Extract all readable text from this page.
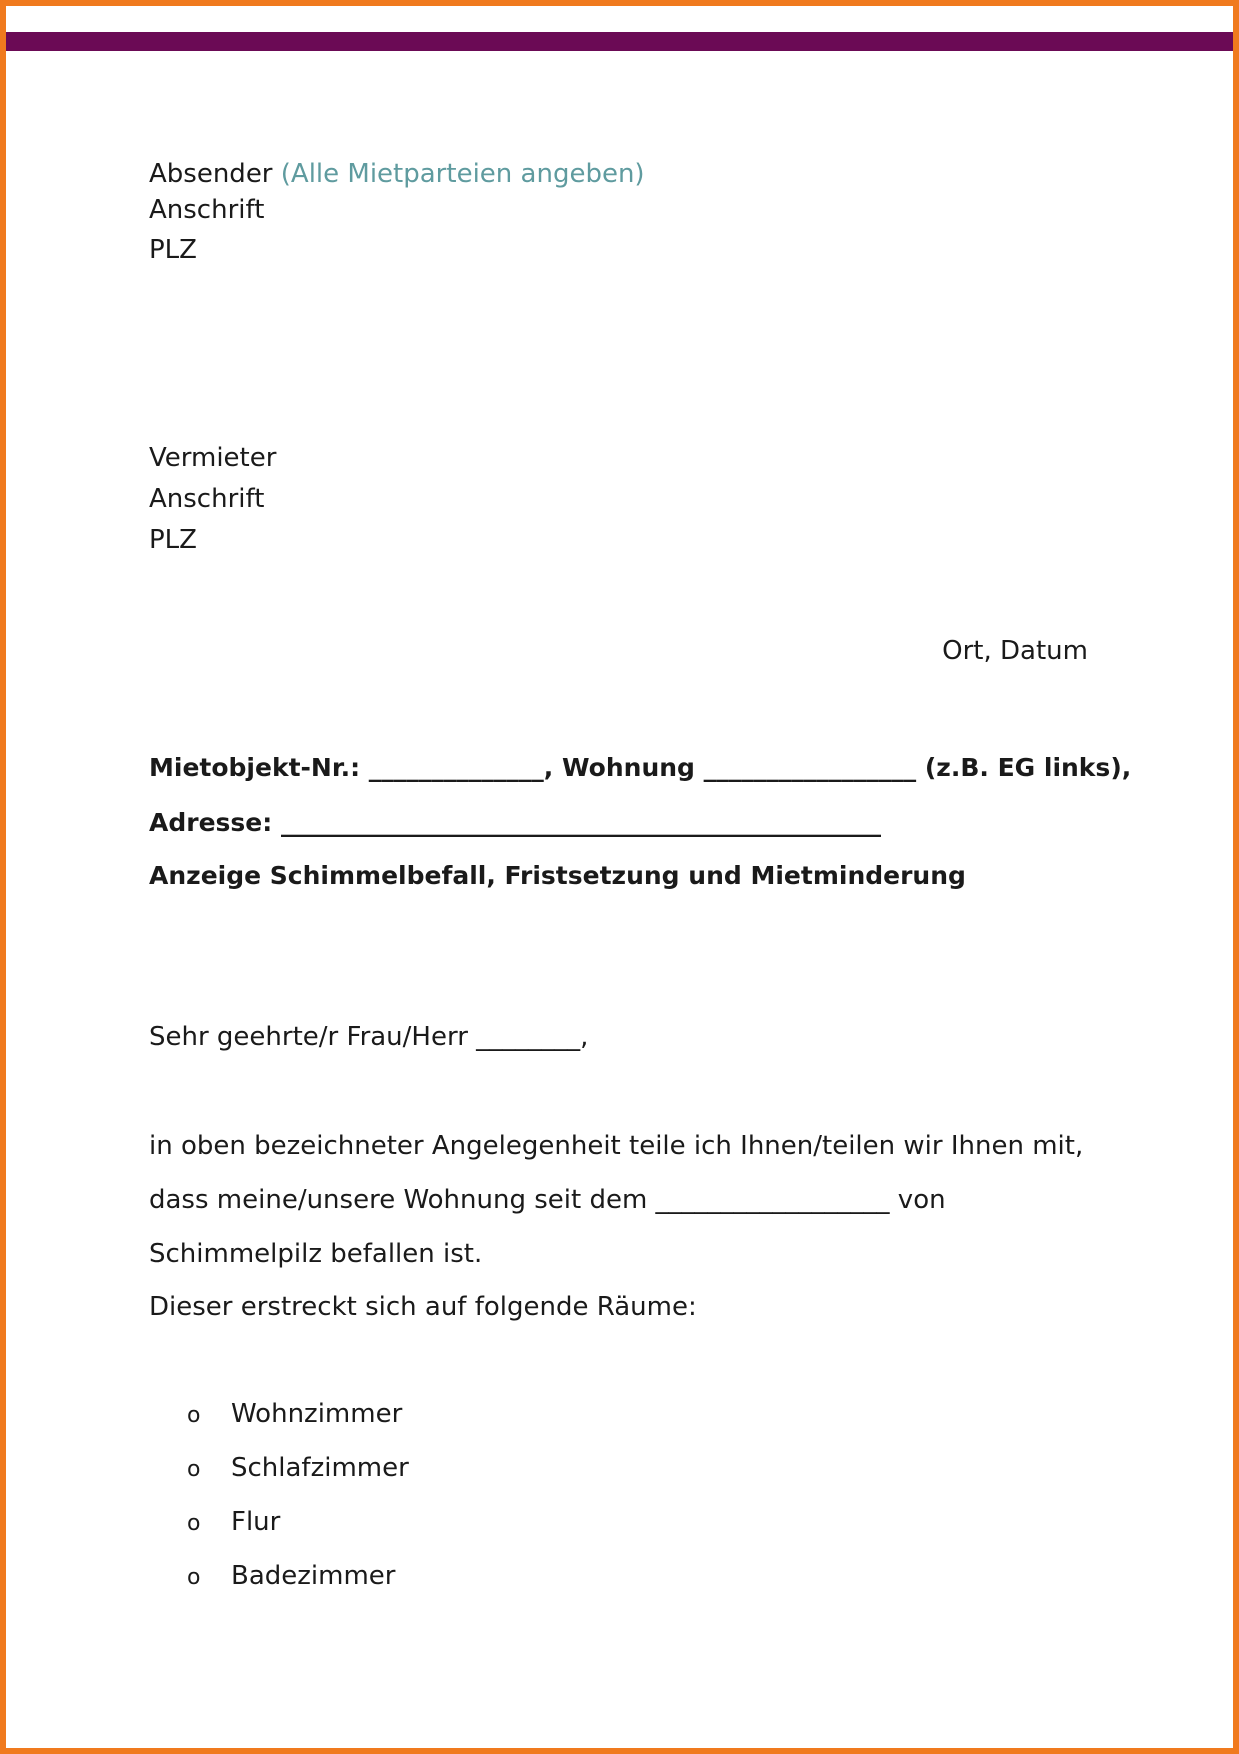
Absender (Alle Mietparteien angeben)
Anschrift
PLZ
Vermieter
Anschrift
PLZ
Ort, Datum
Mietobjekt-Nr.: ______________, Wohnung _________________ (z.B. EG links),
Adresse: ________________________________________________
Anzeige Schimmelbefall, Fristsetzung und Mietminderung
Sehr geehrte/r Frau/Herr ________,
in oben bezeichneter Angelegenheit teile ich Ihnen/teilen wir Ihnen mit,
dass meine/unsere Wohnung seit dem __________________ von
Schimmelpilz befallen ist.
Dieser erstreckt sich auf folgende Räume:
o Wohnzimmer
o Schlafzimmer
o Flur
o Badezimmer
